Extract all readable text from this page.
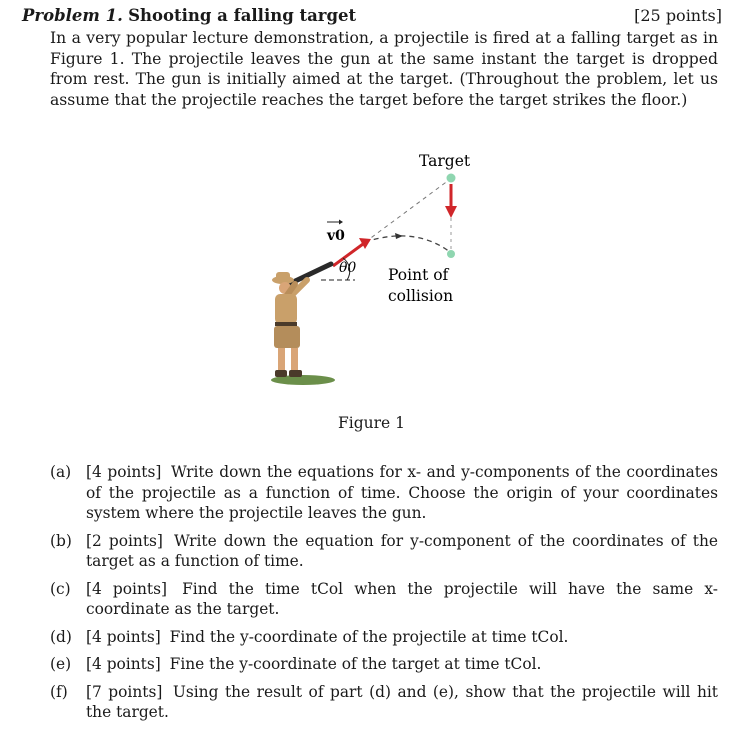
Problem 1. Shooting a falling target	[25 points]
In a very popular lecture demonstration, a projectile is fired at a falling target as in Figure 1. The projectile leaves the gun at the same instant the target is dropped from rest. The gun is initially aimed at the target. (Throughout the problem, let us assume that the projectile reaches the target before the target strikes the floor.)
v0
θ0
Target
Point of
collision
Figure 1
(a) [4 points] Write down the equations for x- and y-components of the coordinates of the projectile as a function of time. Choose the origin of your coordinates system where the projectile leaves the gun.
(b) [2 points] Write down the equation for y-component of the coordinates of the target as a function of time.
(c) [4 points] Find the time tCol when the projectile will have the same x-coordinate as the target.
(d) [4 points] Find the y-coordinate of the projectile at time tCol.
(e) [4 points] Fine the y-coordinate of the target at time tCol.
(f) [7 points] Using the result of part (d) and (e), show that the projectile will hit the target.
